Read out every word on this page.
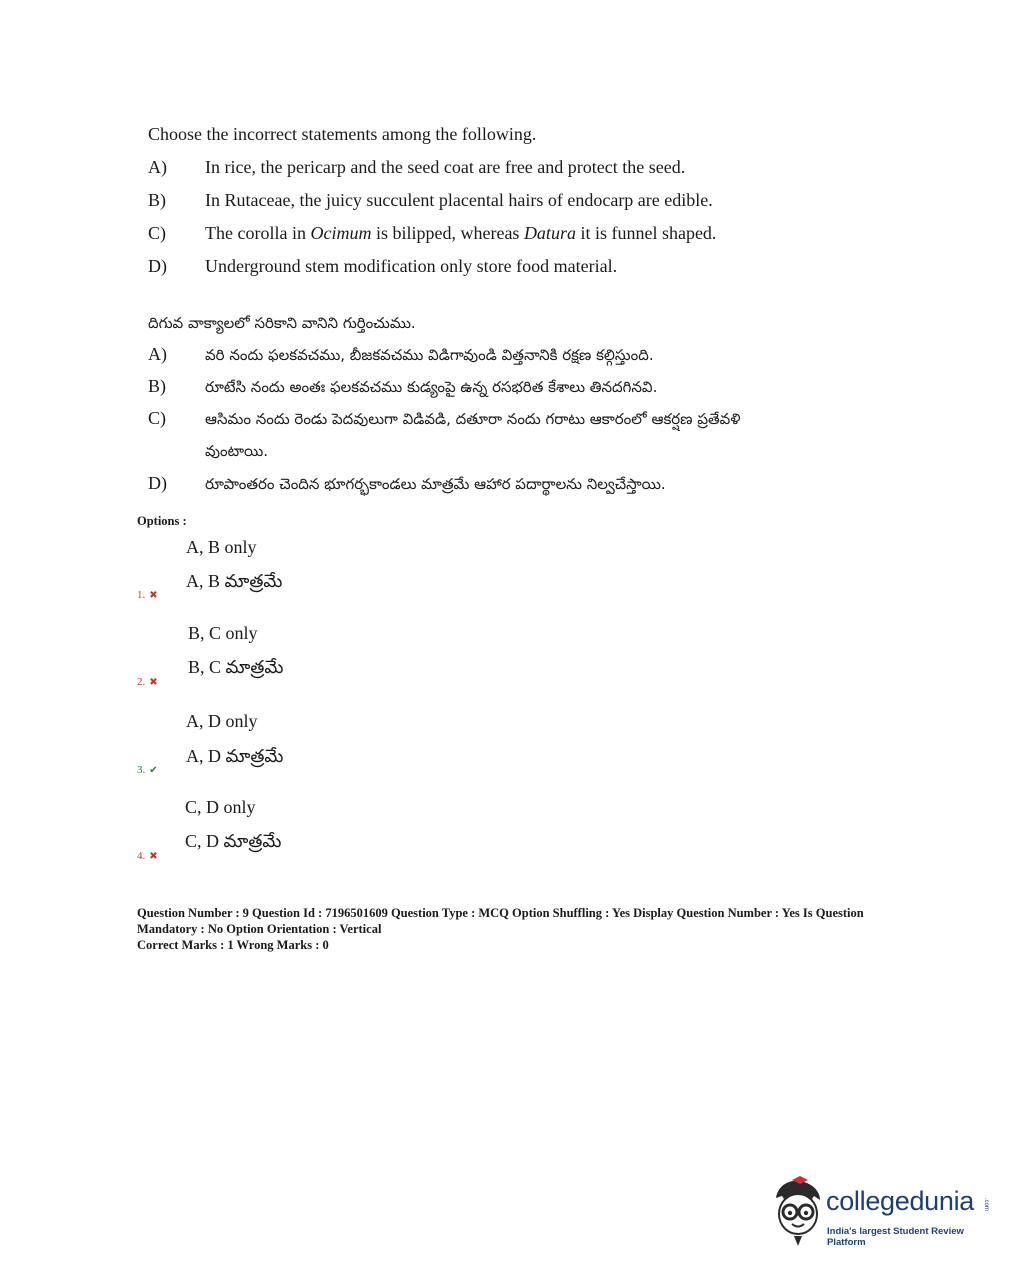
Choose the incorrect statements among the following.
A) In rice, the pericarp and the seed coat are free and protect the seed.
B) In Rutaceae, the juicy succulent placental hairs of endocarp are edible.
C) The corolla in Ocimum is bilipped, whereas Datura it is funnel shaped.
D) Underground stem modification only store food material.
దిగువ వాక్యాలలో సరికాని వానిని గుర్తించుము.
A)	వరి నందు ఫలకవచము, బీజకవచము విడిగావుండి విత్తనానికి రక్షణ కల్గిస్తుంది.
B)	రూటేసి నందు అంతః ఫలకవచము కుడ్యంపై ఉన్న రసభరిత కేశాలు తినదగినవి.
C)	ఆసిమం నందు రెండు పెదవులుగా విడివడి, దతూరా నందు గరాటు ఆకారంలో ఆకర్షణ ప్రతేవళి
వుంటాయి.
D)	రూపాంతరం చెందిన భూగర్భకాండలు మాత్రమే ఆహార పదార్థాలను నిల్వచేస్తాయి.
Options :
A, B only
A, B మాత్రమే
1. ✖
B, C only
B, C మాత్రమే
2. ✖
A, D only
A, D మాత్రమే
3. ✔
C, D only
C, D మాత్రమే
4. ✖
Question Number : 9 Question Id : 7196501609 Question Type : MCQ Option Shuffling : Yes Display Question Number : Yes Is Question
Mandatory : No Option Orientation : Vertical
Correct Marks : 1 Wrong Marks : 0
collegedunia .com
India's largest Student Review Platform
